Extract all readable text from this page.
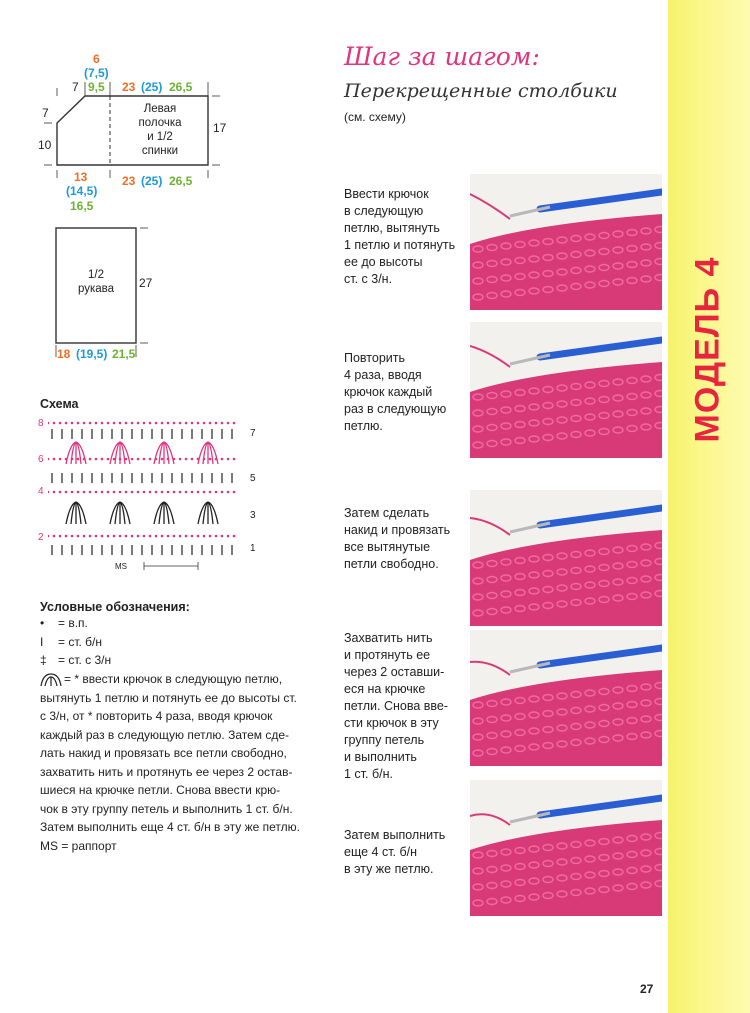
МОДЕЛЬ 4
Шаг за шагом:
Перекрещенные столбики
(см. схему)
6
(7,5)
9,5
7	23 (25) 26,5
7
10
17
Левая
полочка
и 1/2
спинки
13
(14,5)
16,5
23 (25) 26,5
1/2
рукава	27
18 (19,5) 21,5
Схема
8
6
4
2
7
5
3
1
MS
Условные обозначения:
• = в.п.
I = ст. б/н
‡ = ст. с 3/н
= * ввести крючок в следующую петлю,
вытянуть 1 петлю и потянуть ее до высоты ст.
с 3/н, от * повторить 4 раза, вводя крючок
каждый раз в следующую петлю. Затем сде-
лать накид и провязать все петли свободно,
захватить нить и протянуть ее через 2 остав-
шиеся на крючке петли. Снова ввести крю-
чок в эту группу петель и выполнить 1 ст. б/н.
Затем выполнить еще 4 ст. б/н в эту же петлю.
MS = раппорт
Ввести крючок
в следующую
петлю, вытянуть
1 петлю и потянуть
ее до высоты
ст. с 3/н.
Повторить
4 раза, вводя
крючок каждый
раз в следующую
петлю.
Затем сделать
накид и провязать
все вытянутые
петли свободно.
Захватить нить
и протянуть ее
через 2 оставши-
еся на крючке
петли. Снова вве-
сти крючок в эту
группу петель
и выполнить
1 ст. б/н.
Затем выполнить
еще 4 ст. б/н
в эту же петлю.
27
